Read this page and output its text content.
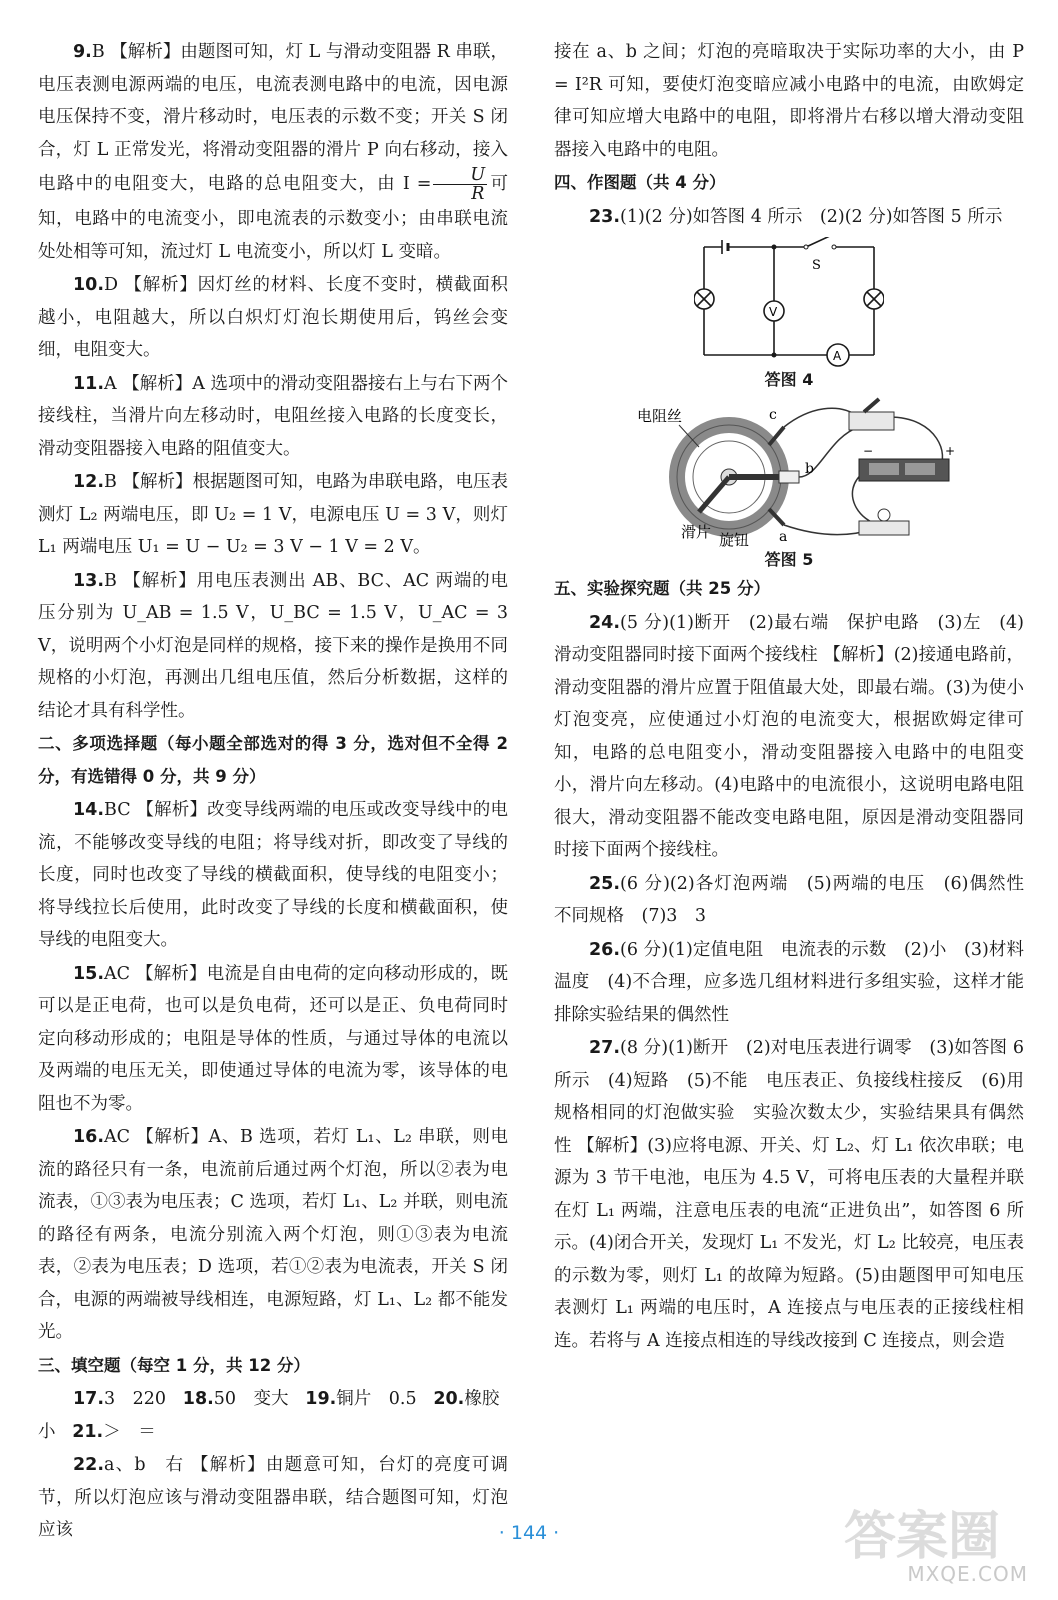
9.B 【解析】由题图可知，灯 L 与滑动变阻器 R 串联，电压表测电源两端的电压，电流表测电路中的电流，因电源电压保持不变，滑片移动时，电压表的示数不变；开关 S 闭合，灯 L 正常发光，将滑动变阻器的滑片 P 向右移动，接入电路中的电阻变大，电路的总电阻变大，由 $I = \frac{U}{R}$ 可知，电路中的电流变小，即电流表的示数变小；由串联电流处处相等可知，流过灯 L 电流变小，所以灯 L 变暗。

10.D 【解析】因灯丝的材料、长度不变时，横截面积越小，电阻越大，所以白炽灯灯泡长期使用后，钨丝会变细，电阻变大。

11.A 【解析】A 选项中的滑动变阻器接右上与右下两个接线柱，当滑片向左移动时，电阻丝接入电路的长度变长，滑动变阻器接入电路的阻值变大。

12.B 【解析】根据题图可知，电路为串联电路，电压表测灯 L₂ 两端电压，即 U₂ = 1 V，电源电压 U = 3 V，则灯 L₁ 两端电压 U₁ = U − U₂ = 3 V − 1 V = 2 V。

13.B 【解析】用电压表测出 AB、BC、AC 两端的电压分别为 U_AB = 1.5 V，U_BC = 1.5 V，U_AC = 3 V，说明两个小灯泡是同样的规格，接下来的操作是换用不同规格的小灯泡，再测出几组电压值，然后分析数据，这样的结论才具有科学性。

二、多项选择题（每小题全部选对的得 3 分，选对但不全得 2 分，有选错得 0 分，共 9 分）

14.BC 【解析】改变导线两端的电压或改变导线中的电流，不能够改变导线的电阻；将导线对折，即改变了导线的长度，同时也改变了导线的横截面积，使导线的电阻变小；将导线拉长后使用，此时改变了导线的长度和横截面积，使导线的电阻变大。

15.AC 【解析】电流是自由电荷的定向移动形成的，既可以是正电荷，也可以是负电荷，还可以是正、负电荷同时定向移动形成的；电阻是导体的性质，与通过导体的电流以及两端的电压无关，即使通过导体的电流为零，该导体的电阻也不为零。

16.AC 【解析】A、B 选项，若灯 L₁、L₂ 串联，则电流的路径只有一条，电流前后通过两个灯泡，所以②表为电流表，①③表为电压表；C 选项，若灯 L₁、L₂ 并联，则电流的路径有两条，电流分别流入两个灯泡，则①③表为电流表，②表为电压表；D 选项，若①②表为电流表，开关 S 闭合，电源的两端被导线相连，电源短路，灯 L₁、L₂ 都不能发光。

三、填空题（每空 1 分，共 12 分）

17.3　220 18.50　变大 19.铜片　0.5 20.橡胶
小 21.＞　＝

22.a、b　右 【解析】由题意可知，台灯的亮度可调节，所以灯泡应该与滑动变阻器串联，结合题图可知，灯泡应该

接在 a、b 之间；灯泡的亮暗取决于实际功率的大小，由 P = I²R 可知，要使灯泡变暗应减小电路中的电流，由欧姆定律可知应增大电路中的电阻，即将滑片右移以增大滑动变阻器接入电路中的电阻。

四、作图题（共 4 分）

23.(1)(2 分)如答图 4 所示　(2)(2 分)如答图 5 所示

S
V
A
答图 4
电阻丝	c
b
a
滑片 旋钮
−	+
答图 5

五、实验探究题（共 25 分）

24.(5 分)(1)断开　(2)最右端　保护电路　(3)左　(4)滑动变阻器同时接下面两个接线柱 【解析】(2)接通电路前，滑动变阻器的滑片应置于阻值最大处，即最右端。(3)为使小灯泡变亮，应使通过小灯泡的电流变大，根据欧姆定律可知，电路的总电阻变小，滑动变阻器接入电路中的电阻变小，滑片向左移动。(4)电路中的电流很小，这说明电路电阻很大，滑动变阻器不能改变电路电阻，原因是滑动变阻器同时接下面两个接线柱。

25.(6 分)(2)各灯泡两端　(5)两端的电压　(6)偶然性　不同规格　(7)3　3

26.(6 分)(1)定值电阻　电流表的示数　(2)小　(3)材料　温度　(4)不合理，应多选几组材料进行多组实验，这样才能排除实验结果的偶然性

27.(8 分)(1)断开　(2)对电压表进行调零　(3)如答图 6 所示　(4)短路　(5)不能　电压表正、负接线柱接反　(6)用规格相同的灯泡做实验　实验次数太少，实验结果具有偶然性 【解析】(3)应将电源、开关、灯 L₂、灯 L₁ 依次串联；电源为 3 节干电池，电压为 4.5 V，可将电压表的大量程并联在灯 L₁ 两端，注意电压表的电流“正进负出”，如答图 6 所示。(4)闭合开关，发现灯 L₁ 不发光，灯 L₂ 比较亮，电压表的示数为零，则灯 L₁ 的故障为短路。(5)由题图甲可知电压表测灯 L₁ 两端的电压时，A 连接点与电压表的正接线柱相连。若将与 A 连接点相连的导线改接到 C 连接点，则会造

· 144 ·	答案圈
MXQE.COM
